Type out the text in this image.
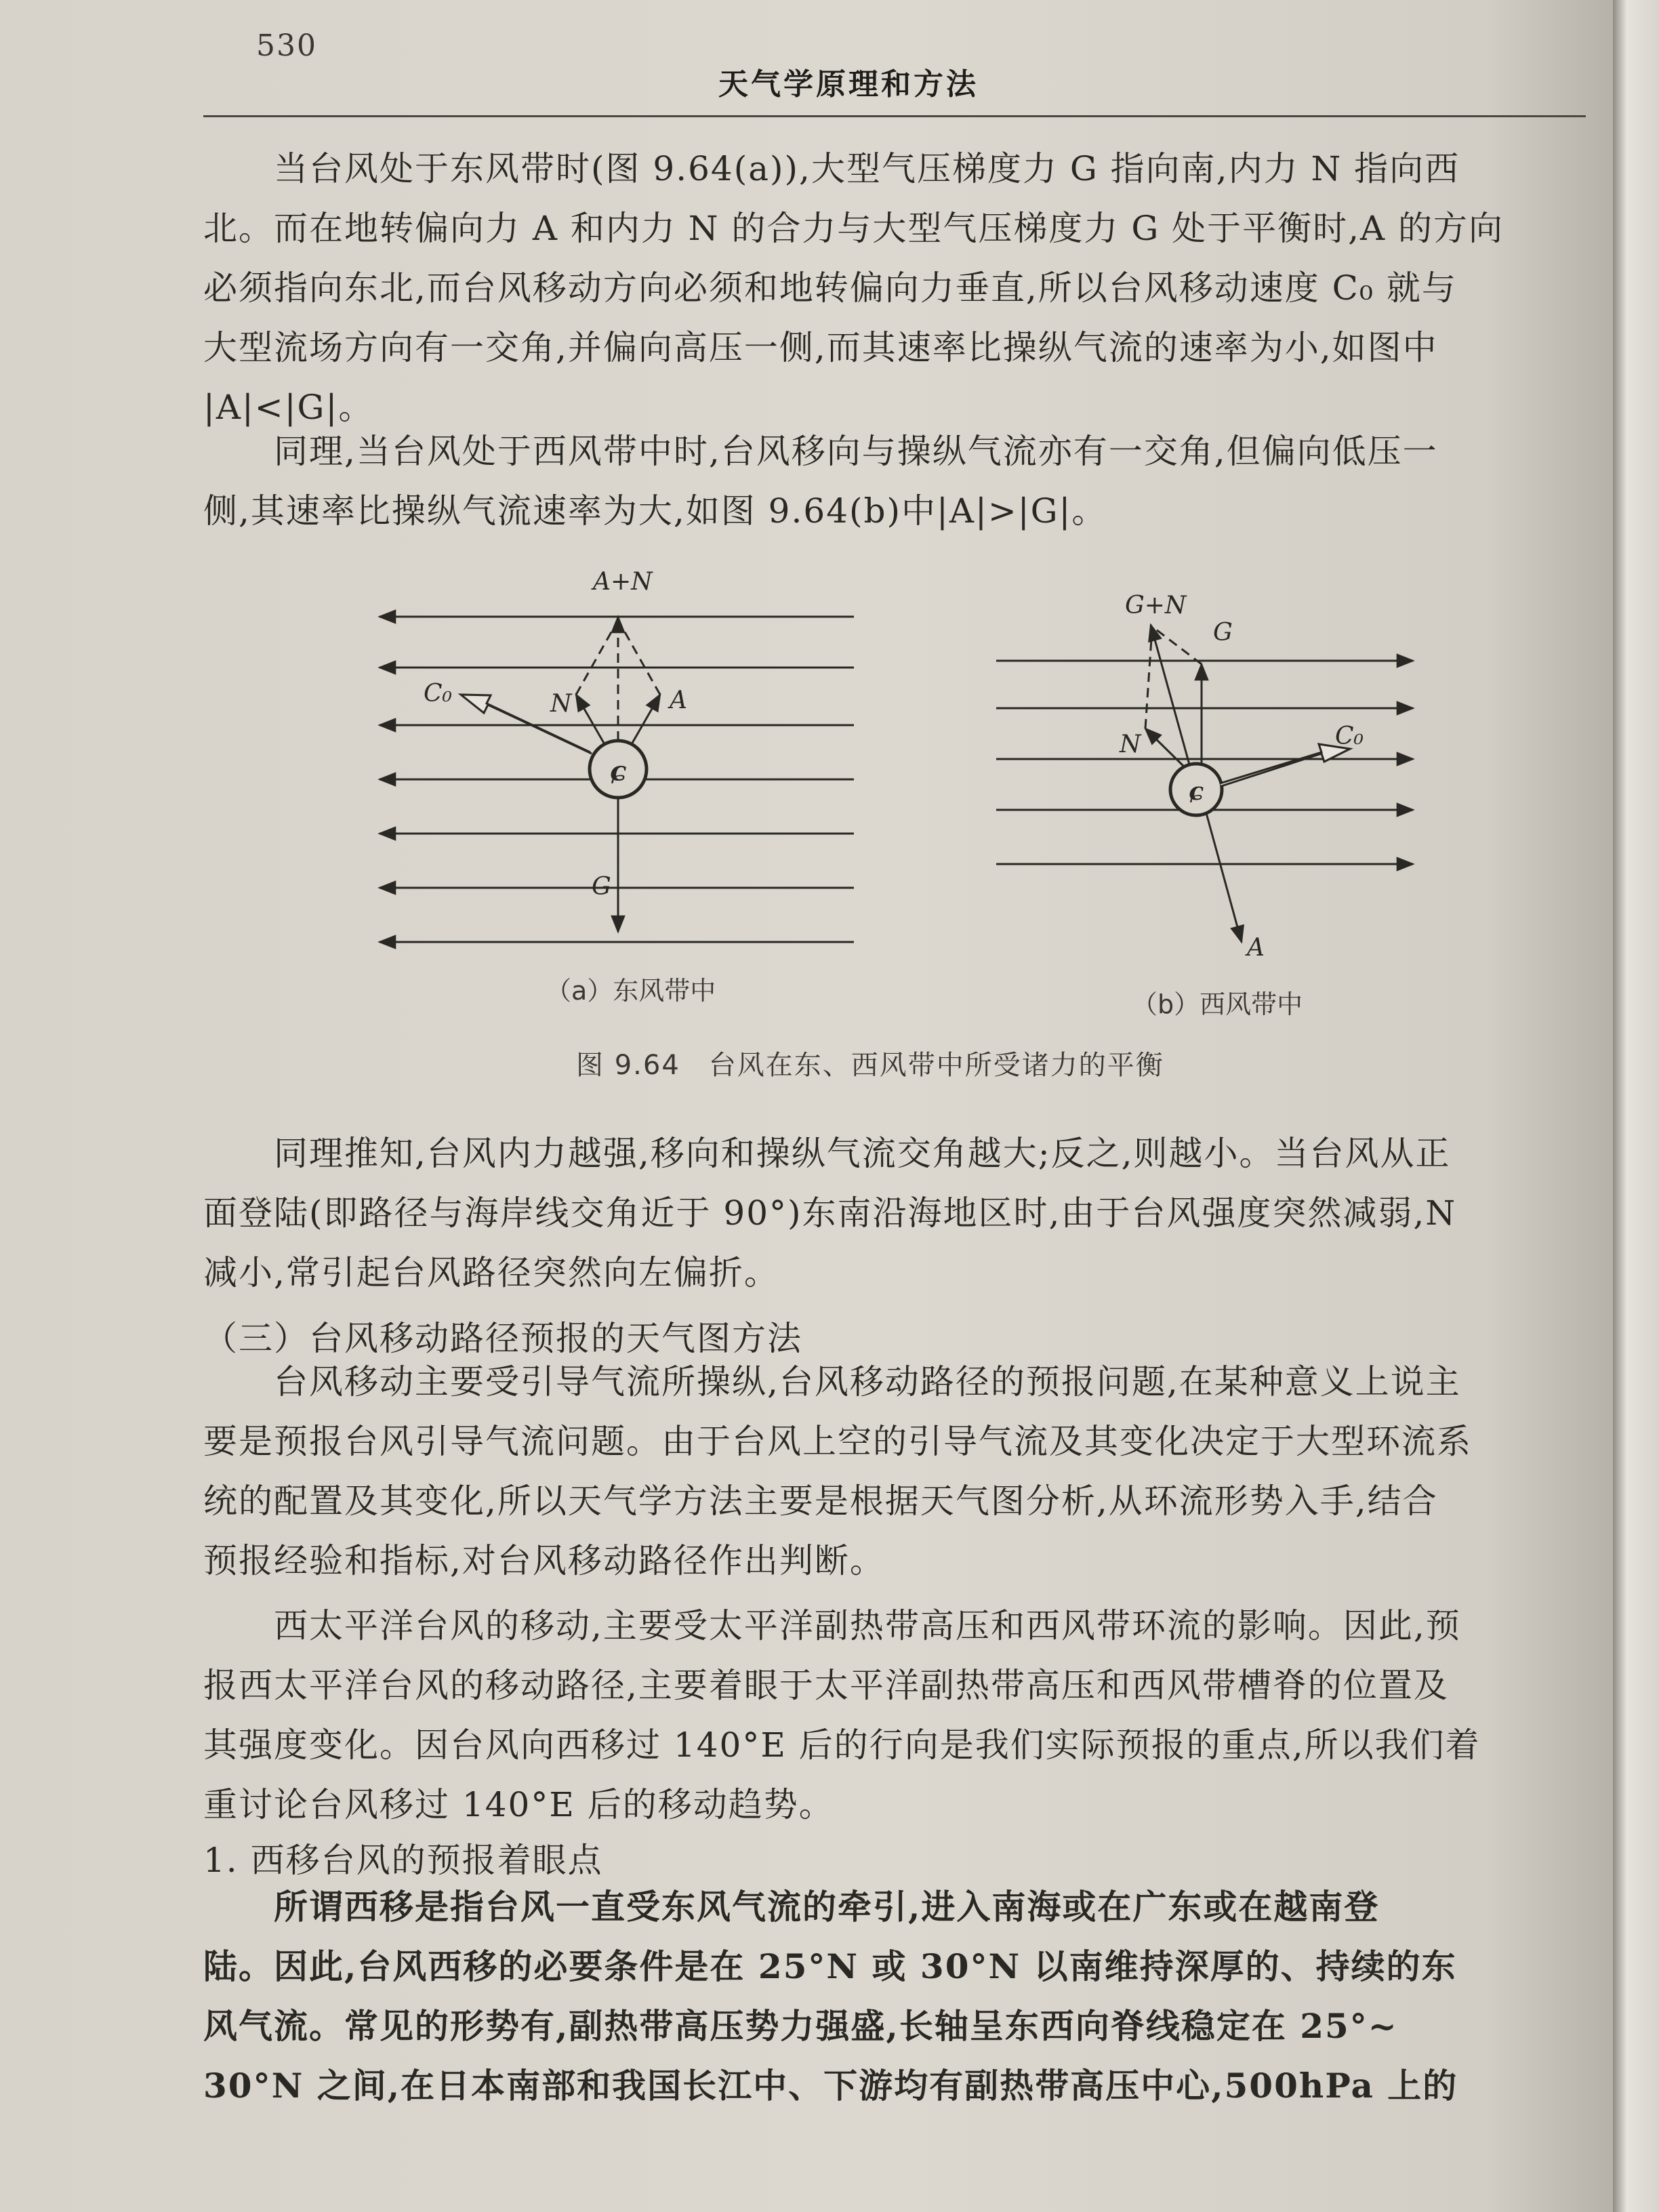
530
天气学原理和方法
　　当台风处于东风带时(图 9.64(a)),大型气压梯度力 G 指向南,内力 N 指向西
北。而在地转偏向力 A 和内力 N 的合力与大型气压梯度力 G 处于平衡时,A 的方向
必须指向东北,而台风移动方向必须和地转偏向力垂直,所以台风移动速度 C₀ 就与
大型流场方向有一交角,并偏向高压一侧,而其速率比操纵气流的速率为小,如图中
|A|<|G|。
　　同理,当台风处于西风带中时,台风移向与操纵气流亦有一交角,但偏向低压一
侧,其速率比操纵气流速率为大,如图 9.64(b)中|A|>|G|。
ɕ
A+N
N	A
C₀
G
（a）东风带中
ɕ
G+N
G
N	C₀
A
（b）西风带中
图 9.64　台风在东、西风带中所受诸力的平衡
　　同理推知,台风内力越强,移向和操纵气流交角越大;反之,则越小。当台风从正
面登陆(即路径与海岸线交角近于 90°)东南沿海地区时,由于台风强度突然减弱,N
减小,常引起台风路径突然向左偏折。
（三）台风移动路径预报的天气图方法
　　台风移动主要受引导气流所操纵,台风移动路径的预报问题,在某种意义上说主
要是预报台风引导气流问题。由于台风上空的引导气流及其变化决定于大型环流系
统的配置及其变化,所以天气学方法主要是根据天气图分析,从环流形势入手,结合
预报经验和指标,对台风移动路径作出判断。
　　西太平洋台风的移动,主要受太平洋副热带高压和西风带环流的影响。因此,预
报西太平洋台风的移动路径,主要着眼于太平洋副热带高压和西风带槽脊的位置及
其强度变化。因台风向西移过 140°E 后的行向是我们实际预报的重点,所以我们着
重讨论台风移过 140°E 后的移动趋势。
1. 西移台风的预报着眼点
　　所谓西移是指台风一直受东风气流的牵引,进入南海或在广东或在越南登
陆。因此,台风西移的必要条件是在 25°N 或 30°N 以南维持深厚的、持续的东
风气流。常见的形势有,副热带高压势力强盛,长轴呈东西向脊线稳定在 25°~
30°N 之间,在日本南部和我国长江中、下游均有副热带高压中心,500hPa 上的
